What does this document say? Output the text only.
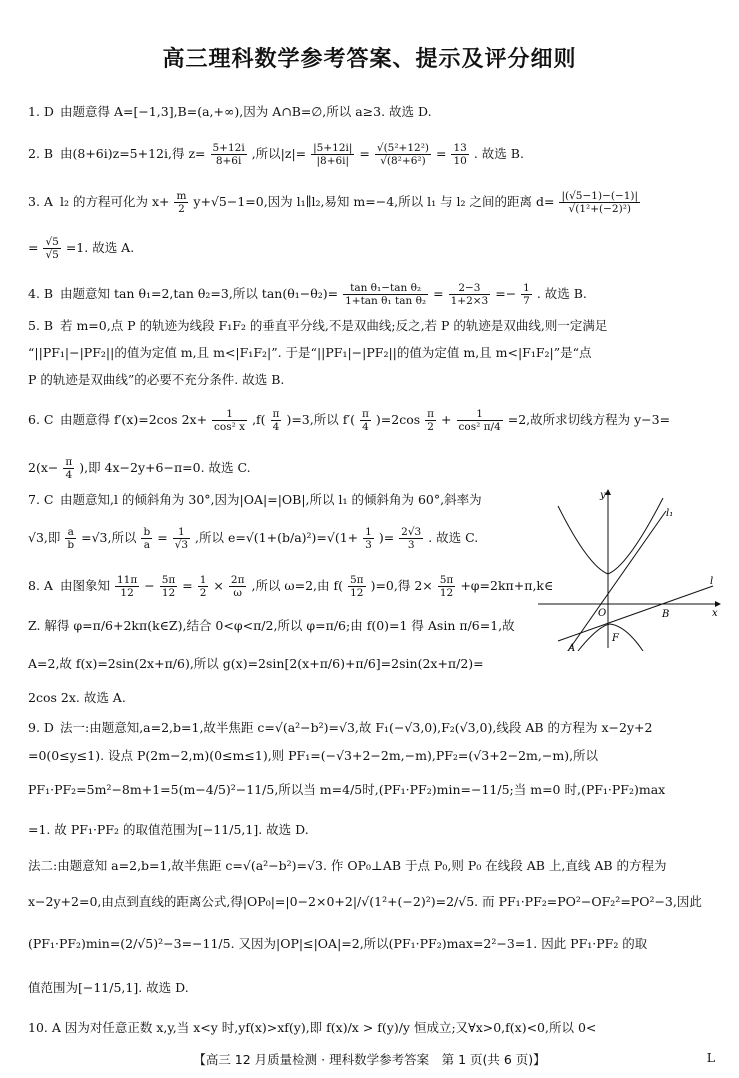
高三理科数学参考答案、提示及评分细则
1. D 由题意得 A=[−1,3],B=(a,+∞),因为 A∩B=∅,所以 a≥3. 故选 D.
2. B 由(8+6i)z=5+12i,得 $z= \frac{5+12i}{8+6i}$ ,所以$|z|= \frac{|5+12i|}{|8+6i|} = \frac{\text{√(5²+12²)}}{\text{√(8²+6²)}} = \frac{13}{10}$ . 故选 B.
3. A l₂ 的方程可化为 $x+ \frac{m}{2} y+√5-1=0$,因为 l₁∥l₂,易知 m=−4,所以 l₁ 与 l₂ 之间的距离 $d= \frac{|(√5-1)-(-1)|}{\text{√(1²+(−2)²)}}$
= $\frac{√5}{√5} =1$. 故选 A.
4. B 由题意知 tan θ₁=2,tan θ₂=3,所以 $\tan(\theta_1-\theta_2)= \frac{\text{tan θ₁−tan θ₂}}{\text{1+tan θ₁ tan θ₂}} = \frac{2-3}{1+2\times 3} =- \frac{1}{7}$ . 故选 B.
5. B 若 m=0,点 P 的轨迹为线段 F₁F₂ 的垂直平分线,不是双曲线;反之,若 P 的轨迹是双曲线,则一定满足
“||PF₁|−|PF₂||的值为定值 m,且 m<|F₁F₂|”. 于是“||PF₁|−|PF₂||的值为定值 m,且 m<|F₁F₂|”是“点
P 的轨迹是双曲线”的必要不充分条件. 故选 B.
6. C 由题意得 f′(x)=2cos $2x+ \frac{1}{\text{cos² x}} ,f( \frac{\pi}{4} )=3$,所以 $f'( \frac{\pi}{4} )=2\cos \frac{\pi}{2} + \frac{1}{\text{cos² π/4}} =2$,故所求切线方程为 y−3=
$2(x- \frac{\pi}{4}$ ),即 4x−2y+6−π=0. 故选 C.
7. C 由题意知,l 的倾斜角为 30°,因为|OA|=|OB|,所以 l₁ 的倾斜角为 60°,斜率为
√3,即 $\frac{a}{b} =√3$,所以 $\frac{b}{a} = \frac{1}{√3}$ ,所以 $e=√(1+(b/a)^2)=√(1+ \frac{1}{3}$ )= $\frac{2√3}{3}$ . 故选 C.
8. A 由图象知 $\frac{11\pi}{12} - \frac{5\pi}{12} = \frac{1}{2} \times \frac{2\pi}{\omega}$ ,所以 ω=2,由 $f( \frac{5\pi}{12} )=0$,得 $2\times \frac{5\pi}{12}$ +φ=2kπ+π,k∈
Z. 解得 φ=π/6+2kπ(k∈Z),结合 0<φ<π/2,所以 φ=π/6;由 f(0)=1 得 Asin π/6=1,故
A=2,故 f(x)=2sin(2x+π/6),所以 g(x)=2sin[2(x+π/6)+π/6]=2sin(2x+π/2)=
2cos 2x. 故选 A.
9. D 法一:由题意知,a=2,b=1,故半焦距 c=√(a²−b²)=√3,故 F₁(−√3,0),F₂(√3,0),线段 AB 的方程为 x−2y+2
=0(0≤y≤1). 设点 P(2m−2,m)(0≤m≤1),则 PF₁=(−√3+2−2m,−m),PF₂=(√3+2−2m,−m),所以
PF₁·PF₂=5m²−8m+1=5(m−4/5)²−11/5,所以当 m=4/5时,(PF₁·PF₂)min=−11/5;当 m=0 时,(PF₁·PF₂)max
=1. 故 PF₁·PF₂ 的取值范围为[−11/5,1]. 故选 D.
法二:由题意知 a=2,b=1,故半焦距 c=√(a²−b²)=√3. 作 OP₀⊥AB 于点 P₀,则 P₀ 在线段 AB 上,直线 AB 的方程为
x−2y+2=0,由点到直线的距离公式,得|OP₀|=|0−2×0+2|/√(1²+(−2)²)=2/√5. 而 PF₁·PF₂=PO²−OF₂²=PO²−3,因此
(PF₁·PF₂)min=(2/√5)²−3=−11/5. 又因为|OP|≤|OA|=2,所以(PF₁·PF₂)max=2²−3=1. 因此 PF₁·PF₂ 的取
值范围为[−11/5,1]. 故选 D.
10. A 因为对任意正数 x,y,当 x<y 时,yf(x)>xf(y),即 f(x)/x > f(y)/y 恒成立;又∀x>0,f(x)<0,所以 0<
y
x
O	B
A
F
l
l₁
【高三 12 月质量检测 · 理科数学参考答案　第 1 页(共 6 页)】	L
